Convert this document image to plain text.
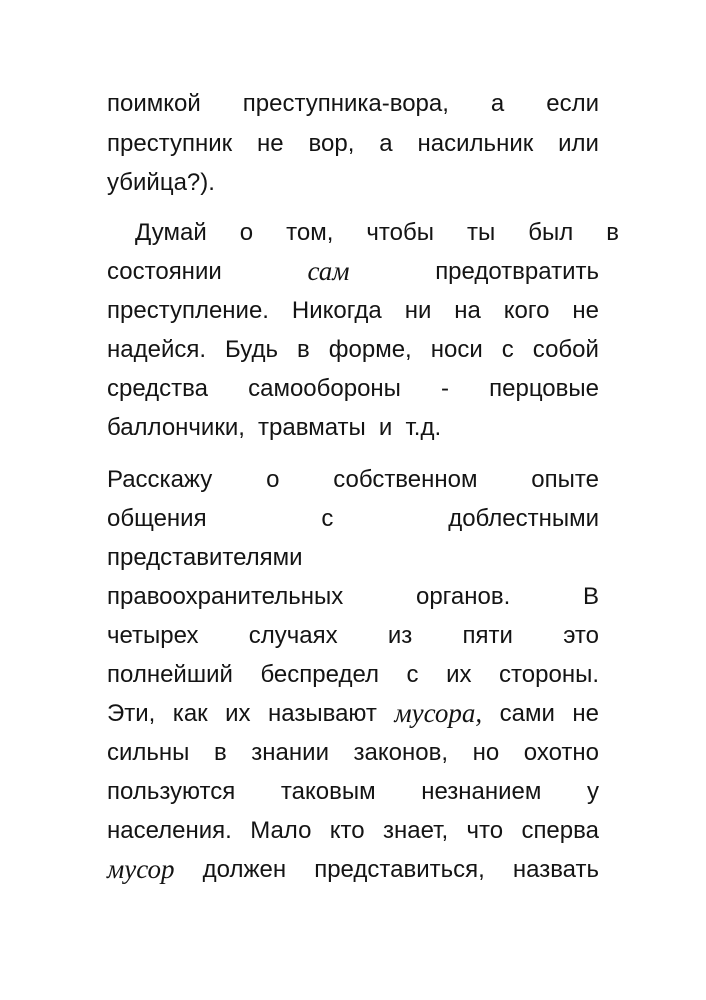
поимкой преступника-вора, а если
преступник не вор, а насильник или
убийца?).
Думай о том, чтобы ты был в
состоянии	сам	предотвратить
преступление. Никогда ни на кого не
надейся. Будь в форме, носи с собой
средства самообороны - перцовые
баллончики, травматы и т.д.
Расскажу о собственном опыте
общения	с	доблестными
представителями
правоохранительных	органов.	В
четырех случаях из пяти это
полнейший беспредел с их стороны.
Эти, как их называют мусора, сами не
сильны в знании законов, но охотно
пользуются таковым незнанием у
населения. Мало кто знает, что сперва
мусор должен представиться, назвать
